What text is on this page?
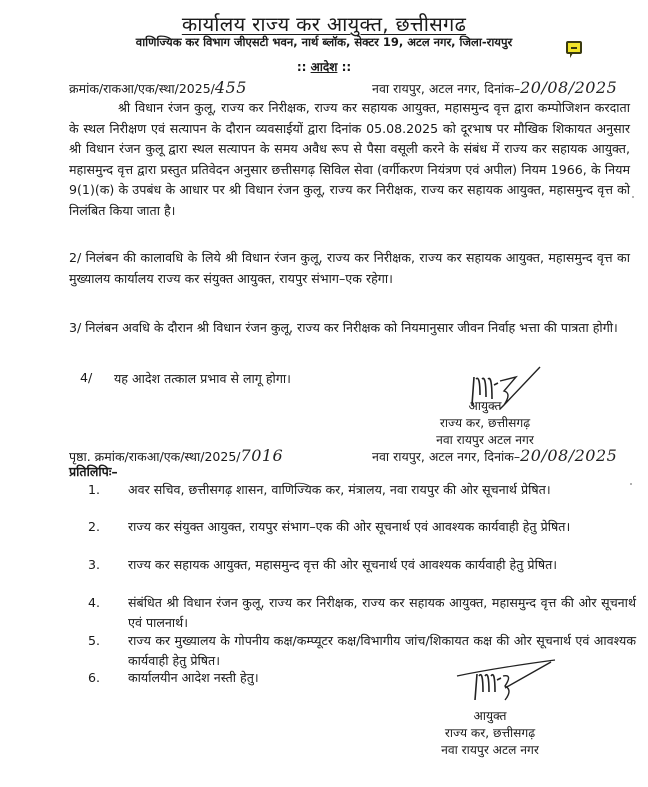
कार्यालय राज्य कर आयुक्त, छत्तीसगढ
वाणिज्यिक कर विभाग जीएसटी भवन, नार्थ ब्लॉक, सेक्टर 19, अटल नगर, जिला-रायपुर
:: आदेश ::
क्रमांक/राकआ/एक/स्था/2025/455	नवा रायपुर, अटल नगर, दिनांक–20/08/2025
श्री विधान रंजन कुलू, राज्य कर निरीक्षक, राज्य कर सहायक आयुक्त, महासमुन्द वृत्त द्वारा कम्पोजिशन करदाता के स्थल निरीक्षण एवं सत्यापन के दौरान व्यवसाईयों द्वारा दिनांक 05.08.2025 को दूरभाष पर मौखिक शिकायत अनुसार श्री विधान रंजन कुलू द्वारा स्थल सत्यापन के समय अवैध रूप से पैसा वसूली करने के संबंध में राज्य कर सहायक आयुक्त, महासमुन्द वृत्त द्वारा प्रस्तुत प्रतिवेदन अनुसार छत्तीसगढ़ सिविल सेवा (वर्गीकरण नियंत्रण एवं अपील) नियम 1966, के नियम 9(1)(क) के उपबंध के आधार पर श्री विधान रंजन कुलू, राज्य कर निरीक्षक, राज्य कर सहायक आयुक्त, महासमुन्द वृत्त को निलंबित किया जाता है।
2/ निलंबन की कालावधि के लिये श्री विधान रंजन कुलू, राज्य कर निरीक्षक, राज्य कर सहायक आयुक्त, महासमुन्द वृत्त का मुख्यालय कार्यालय राज्य कर संयुक्त आयुक्त, रायपुर संभाग–एक रहेगा।
3/ निलंबन अवधि के दौरान श्री विधान रंजन कुलू, राज्य कर निरीक्षक को नियमानुसार जीवन निर्वाह भत्ता की पात्रता होगी।
4/ यह आदेश तत्काल प्रभाव से लागू होगा।
आयुक्त
राज्य कर, छत्तीसगढ़
नवा रायपुर अटल नगर
पृष्ठा. क्रमांक/राकआ/एक/स्था/2025/7016	नवा रायपुर, अटल नगर, दिनांक–20/08/2025
प्रतिलिपिः–
1.	अवर सचिव, छत्तीसगढ़ शासन, वाणिज्यिक कर, मंत्रालय, नवा रायपुर की ओर सूचनार्थ प्रेषित।
2.	राज्य कर संयुक्त आयुक्त, रायपुर संभाग–एक की ओर सूचनार्थ एवं आवश्यक कार्यवाही हेतु प्रेषित।
3.	राज्य कर सहायक आयुक्त, महासमुन्द वृत्त की ओर सूचनार्थ एवं आवश्यक कार्यवाही हेतु प्रेषित।
4.	संबंधित श्री विधान रंजन कुलू, राज्य कर निरीक्षक, राज्य कर सहायक आयुक्त, महासमुन्द वृत्त की ओर सूचनार्थ एवं पालनार्थ।
5.	राज्य कर मुख्यालय के गोपनीय कक्ष/कम्प्यूटर कक्ष/विभागीय जांच/शिकायत कक्ष की ओर सूचनार्थ एवं आवश्यक कार्यवाही हेतु प्रेषित।
6.	कार्यालयीन आदेश नस्ती हेतु।
आयुक्त
राज्य कर, छत्तीसगढ़
नवा रायपुर अटल नगर
